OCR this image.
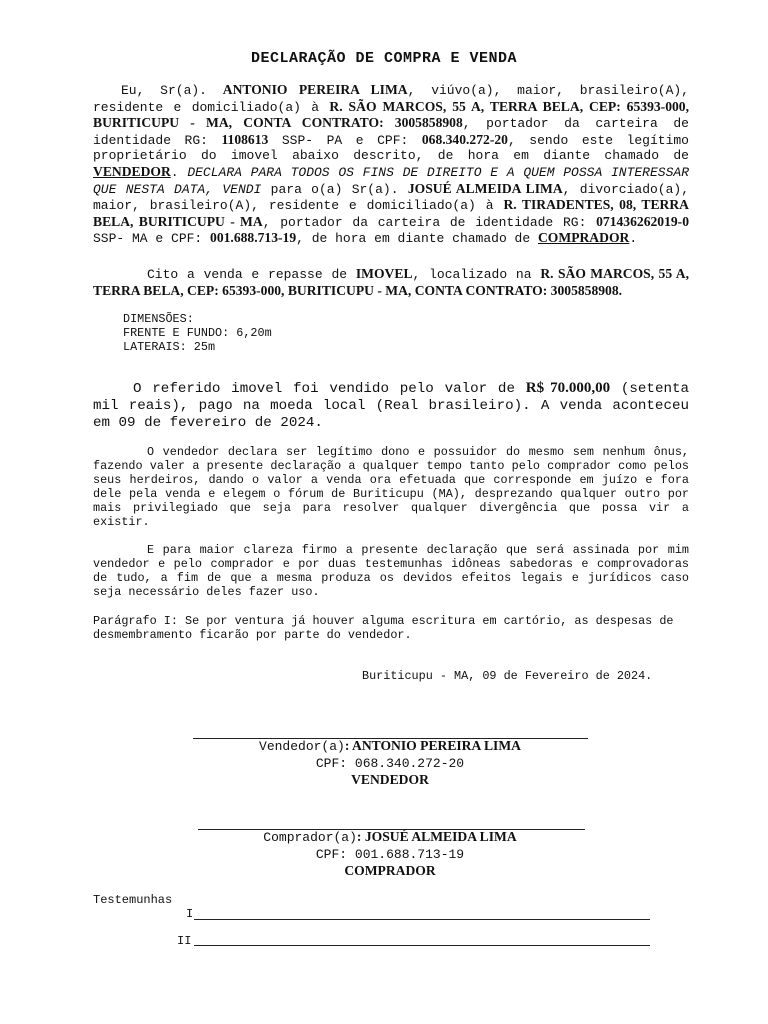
DECLARAÇÃO DE COMPRA E VENDA
Eu, Sr(a). ANTONIO PEREIRA LIMA, viúvo(a), maior, brasileiro(A), residente e domiciliado(a) à R. SÃO MARCOS, 55 A, TERRA BELA, CEP: 65393-000, BURITICUPU - MA, CONTA CONTRATO: 3005858908, portador da carteira de identidade RG: 1108613 SSP- PA e CPF: 068.340.272-20, sendo este legítimo proprietário do imovel abaixo descrito, de hora em diante chamado de VENDEDOR. DECLARA PARA TODOS OS FINS DE DIREITO E A QUEM POSSA INTERESSAR QUE NESTA DATA, VENDI para o(a) Sr(a). JOSUÉ ALMEIDA LIMA, divorciado(a), maior, brasileiro(A), residente e domiciliado(a) à R. TIRADENTES, 08, TERRA BELA, BURITICUPU - MA, portador da carteira de identidade RG: 071436262019-0 SSP- MA e CPF: 001.688.713-19, de hora em diante chamado de COMPRADOR.
Cito a venda e repasse de IMOVEL, localizado na R. SÃO MARCOS, 55 A, TERRA BELA, CEP: 65393-000, BURITICUPU - MA, CONTA CONTRATO: 3005858908.
DIMENSÕES:
FRENTE E FUNDO: 6,20m
LATERAIS: 25m
O referido imovel foi vendido pelo valor de R$ 70.000,00 (setenta mil reais), pago na moeda local (Real brasileiro). A venda aconteceu em 09 de fevereiro de 2024.
O vendedor declara ser legítimo dono e possuidor do mesmo sem nenhum ônus, fazendo valer a presente declaração a qualquer tempo tanto pelo comprador como pelos seus herdeiros, dando o valor a venda ora efetuada que corresponde em juízo e fora dele pela venda e elegem o fórum de Buriticupu (MA), desprezando qualquer outro por mais privilegiado que seja para resolver qualquer divergência que possa vir a existir.
E para maior clareza firmo a presente declaração que será assinada por mim vendedor e pelo comprador e por duas testemunhas idôneas sabedoras e comprovadoras de tudo, a fim de que a mesma produza os devidos efeitos legais e jurídicos caso seja necessário deles fazer uso.
Parágrafo I: Se por ventura já houver alguma escritura em cartório, as despesas de desmembramento ficarão por parte do vendedor.
Buriticupu - MA, 09 de Fevereiro de 2024.
Vendedor(a): ANTONIO PEREIRA LIMA
CPF: 068.340.272-20
VENDEDOR
Comprador(a): JOSUÉ ALMEIDA LIMA
CPF: 001.688.713-19
COMPRADOR
Testemunhas
I
II
